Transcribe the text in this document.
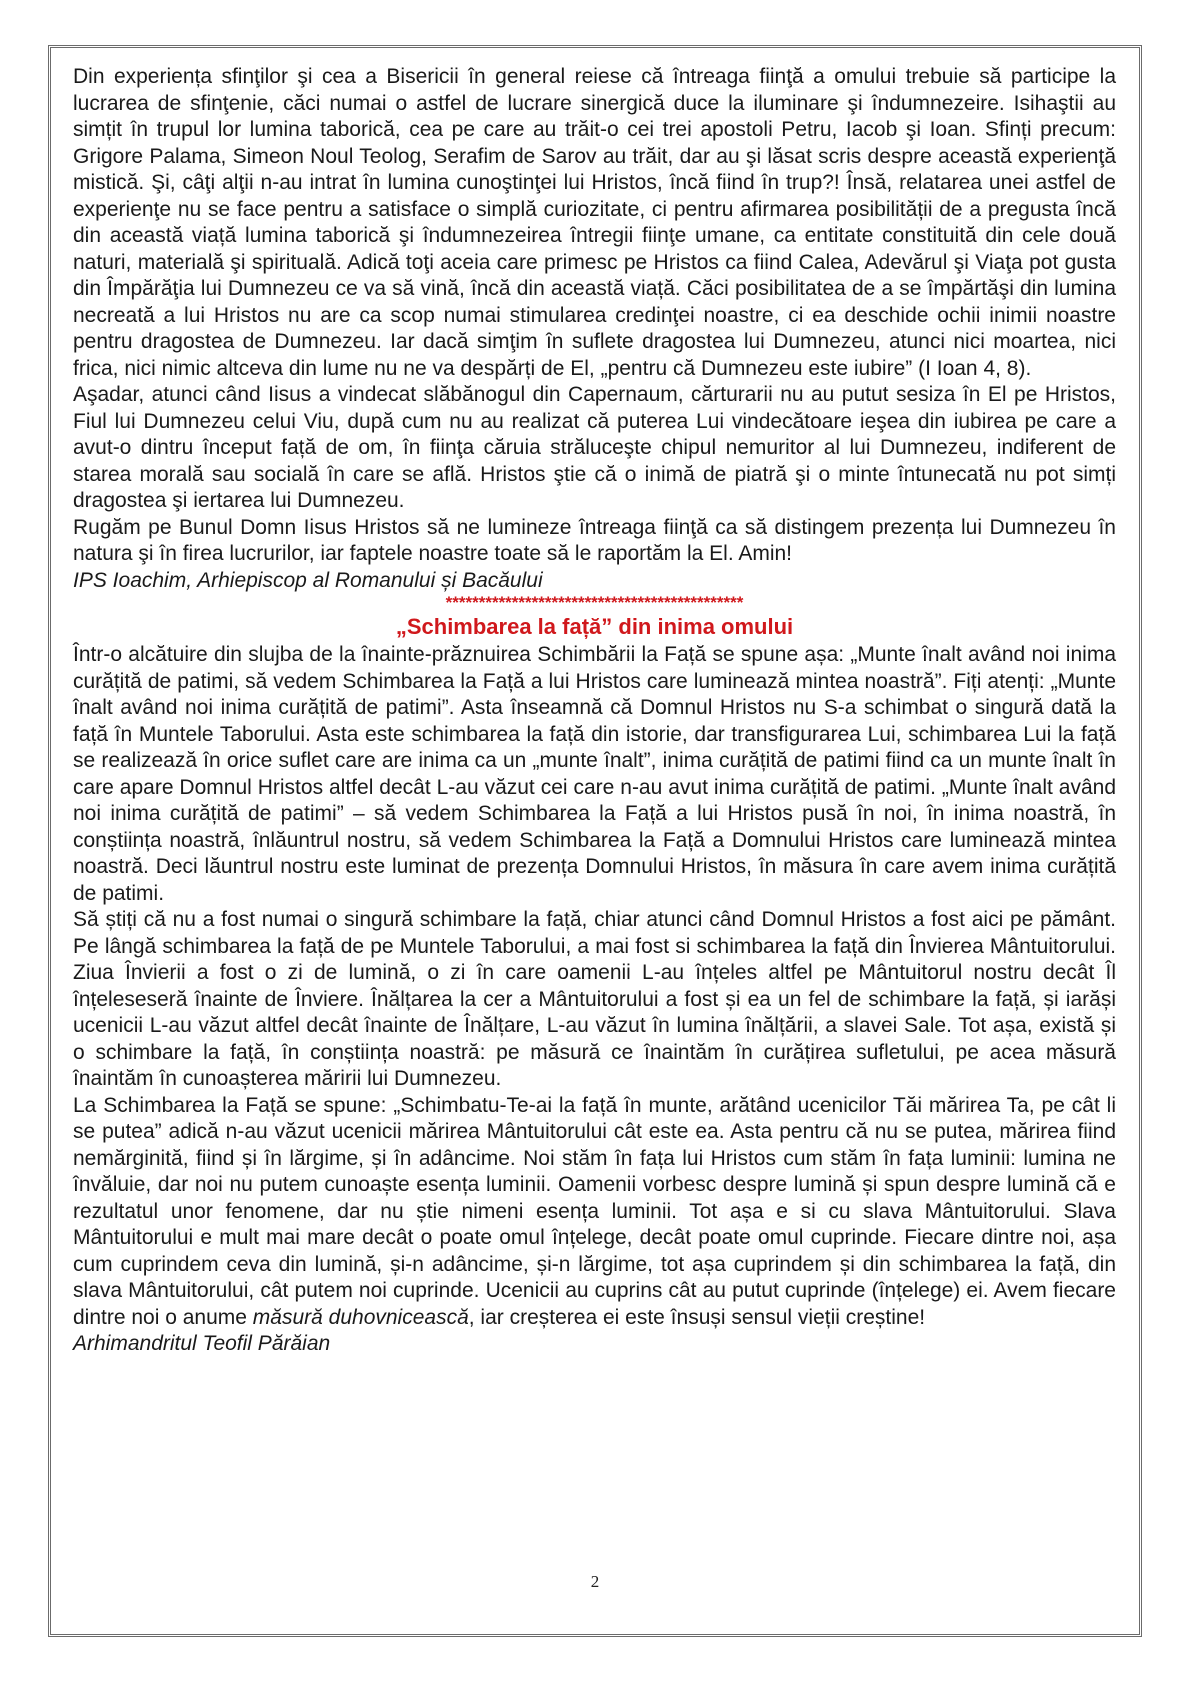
Din experiența sfinţilor şi cea a Bisericii în general reiese că întreaga fiinţă a omului trebuie să participe la lucrarea de sfinţenie, căci numai o astfel de lucrare sinergică duce la iluminare şi îndumnezeire. Isihaştii au simțit în trupul lor lumina taborică, cea pe care au trăit-o cei trei apostoli Petru, Iacob şi Ioan. Sfinți precum: Grigore Palama, Simeon Noul Teolog, Serafim de Sarov au trăit, dar au şi lăsat scris despre această experienţă mistică. Şi, câţi alţii n-au intrat în lumina cunoştinţei lui Hristos, încă fiind în trup?! Însă, relatarea unei astfel de experienţe nu se face pentru a satisface o simplă curiozitate, ci pentru afirmarea posibilității de a pregusta încă din această viață lumina taborică şi îndumnezeirea întregii fiinţe umane, ca entitate constituită din cele două naturi, materială şi spirituală. Adică toţi aceia care primesc pe Hristos ca fiind Calea, Adevărul şi Viaţa pot gusta din Împărăţia lui Dumnezeu ce va să vină, încă din această viață. Căci posibilitatea de a se împărtăşi din lumina necreată a lui Hristos nu are ca scop numai stimularea credinţei noastre, ci ea deschide ochii inimii noastre pentru dragostea de Dumnezeu. Iar dacă simţim în suflete dragostea lui Dumnezeu, atunci nici moartea, nici frica, nici nimic altceva din lume nu ne va despărți de El, „pentru că Dumnezeu este iubire” (I Ioan 4, 8).

Aşadar, atunci când Iisus a vindecat slăbănogul din Capernaum, cărturarii nu au putut sesiza în El pe Hristos, Fiul lui Dumnezeu celui Viu, după cum nu au realizat că puterea Lui vindecătoare ieşea din iubirea pe care a avut-o dintru început față de om, în fiinţa căruia străluceşte chipul nemuritor al lui Dumnezeu, indiferent de starea morală sau socială în care se află. Hristos ştie că o inimă de piatră şi o minte întunecată nu pot simți dragostea şi iertarea lui Dumnezeu.

Rugăm pe Bunul Domn Iisus Hristos să ne lumineze întreaga fiinţă ca să distingem prezența lui Dumnezeu în natura şi în firea lucrurilor, iar faptele noastre toate să le raportăm la El. Amin!

IPS Ioachim, Arhiepiscop al Romanului și Bacăului

*********************************************

„Schimbarea la față” din inima omului

Într-o alcătuire din slujba de la înainte-prăznuirea Schimbării la Față se spune așa: „Munte înalt având noi inima curățită de patimi, să vedem Schimbarea la Față a lui Hristos care luminează mintea noastră”. Fiți atenți: „Munte înalt având noi inima curățită de patimi”. Asta înseamnă că Domnul Hristos nu S-a schimbat o singură dată la față în Muntele Taborului. Asta este schimbarea la față din istorie, dar transfigurarea Lui, schimbarea Lui la față se realizează în orice suflet care are inima ca un „munte înalt”, inima curățită de patimi fiind ca un munte înalt în care apare Domnul Hristos altfel decât L-au văzut cei care n-au avut inima curățită de patimi. „Munte înalt având noi inima curățită de patimi” – să vedem Schimbarea la Față a lui Hristos pusă în noi, în inima noastră, în conștiința noastră, înlăuntrul nostru, să vedem Schimbarea la Față a Domnului Hristos care luminează mintea noastră. Deci lăuntrul nostru este luminat de prezența Domnului Hristos, în măsura în care avem inima curățită de patimi.

Să știți că nu a fost numai o singură schimbare la față, chiar atunci când Domnul Hristos a fost aici pe pământ. Pe lângă schimbarea la față de pe Muntele Taborului, a mai fost si schimbarea la față din Învierea Mântuitorului. Ziua Învierii a fost o zi de lumină, o zi în care oamenii L-au înțeles altfel pe Mântuitorul nostru decât Îl înțeleseseră înainte de Înviere. Înălțarea la cer a Mântuitorului a fost și ea un fel de schimbare la față, și iarăși ucenicii L-au văzut altfel decât înainte de Înălțare, L-au văzut în lumina înălțării, a slavei Sale. Tot așa, există și o schimbare la față, în conștiința noastră: pe măsură ce înaintăm în curățirea sufletului, pe acea măsură înaintăm în cunoașterea măririi lui Dumnezeu.

La Schimbarea la Față se spune: „Schimbatu-Te-ai la față în munte, arătând ucenicilor Tăi mărirea Ta, pe cât li se putea” adică n-au văzut ucenicii mărirea Mântuitorului cât este ea. Asta pentru că nu se putea, mărirea fiind nemărginită, fiind și în lărgime, și în adâncime. Noi stăm în fața lui Hristos cum stăm în fața luminii: lumina ne învăluie, dar noi nu putem cunoaște esența luminii. Oamenii vorbesc despre lumină și spun despre lumină că e rezultatul unor fenomene, dar nu știe nimeni esența luminii. Tot așa e si cu slava Mântuitorului. Slava Mântuitorului e mult mai mare decât o poate omul înțelege, decât poate omul cuprinde. Fiecare dintre noi, așa cum cuprindem ceva din lumină, și-n adâncime, și-n lărgime, tot așa cuprindem și din schimbarea la față, din slava Mântuitorului, cât putem noi cuprinde. Ucenicii au cuprins cât au putut cuprinde (înțelege) ei. Avem fiecare dintre noi o anume măsură duhovnicească, iar creșterea ei este însuși sensul vieții creștine!

Arhimandritul Teofil Părăian

2
